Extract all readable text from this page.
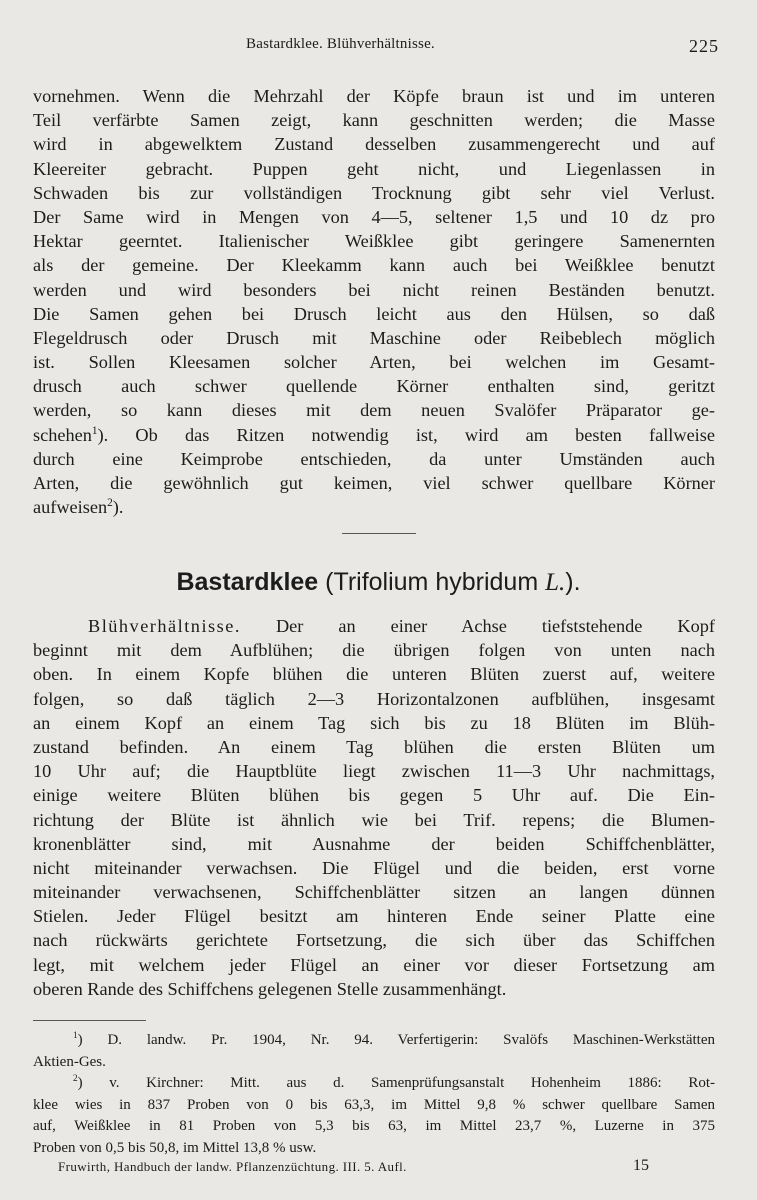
Bastardklee. Blühverhältnisse.	225
vornehmen. Wenn die Mehrzahl der Köpfe braun ist und im unteren
Teil verfärbte Samen zeigt, kann geschnitten werden; die Masse
wird in abgewelktem Zustand desselben zusammengerecht und auf
Kleereiter gebracht. Puppen geht nicht, und Liegenlassen in
Schwaden bis zur vollständigen Trocknung gibt sehr viel Verlust.
Der Same wird in Mengen von 4—5, seltener 1,5 und 10 dz pro
Hektar geerntet. Italienischer Weißklee gibt geringere Samenernten
als der gemeine. Der Kleekamm kann auch bei Weißklee benutzt
werden und wird besonders bei nicht reinen Beständen benutzt.
Die Samen gehen bei Drusch leicht aus den Hülsen, so daß
Flegeldrusch oder Drusch mit Maschine oder Reibeblech möglich
ist. Sollen Kleesamen solcher Arten, bei welchen im Gesamt-
drusch auch schwer quellende Körner enthalten sind, geritzt
werden, so kann dieses mit dem neuen Svalöfer Präparator ge-
schehen$^1$). Ob das Ritzen notwendig ist, wird am besten fallweise
durch eine Keimprobe entschieden, da unter Umständen auch
Arten, die gewöhnlich gut keimen, viel schwer quellbare Körner
aufweisen$^2$).
Bastardklee (Trifolium hybridum L.).
Blühverhältnisse. Der an einer Achse tiefststehende Kopf
beginnt mit dem Aufblühen; die übrigen folgen von unten nach
oben. In einem Kopfe blühen die unteren Blüten zuerst auf, weitere
folgen, so daß täglich 2—3 Horizontalzonen aufblühen, insgesamt
an einem Kopf an einem Tag sich bis zu 18 Blüten im Blüh-
zustand befinden. An einem Tag blühen die ersten Blüten um
10 Uhr auf; die Hauptblüte liegt zwischen 11—3 Uhr nachmittags,
einige weitere Blüten blühen bis gegen 5 Uhr auf. Die Ein-
richtung der Blüte ist ähnlich wie bei Trif. repens; die Blumen-
kronenblätter sind, mit Ausnahme der beiden Schiffchenblätter,
nicht miteinander verwachsen. Die Flügel und die beiden, erst vorne
miteinander verwachsenen, Schiffchenblätter sitzen an langen dünnen
Stielen. Jeder Flügel besitzt am hinteren Ende seiner Platte eine
nach rückwärts gerichtete Fortsetzung, die sich über das Schiffchen
legt, mit welchem jeder Flügel an einer vor dieser Fortsetzung am
oberen Rande des Schiffchens gelegenen Stelle zusammenhängt.
$^1$) D. landw. Pr. 1904, Nr. 94. Verfertigerin: Svalöfs Maschinen-Werkstätten
Aktien-Ges.
$^2$) v. Kirchner: Mitt. aus d. Samenprüfungsanstalt Hohenheim 1886: Rot-
klee wies in 837 Proben von 0 bis 63,3, im Mittel 9,8 % schwer quellbare Samen
auf, Weißklee in 81 Proben von 5,3 bis 63, im Mittel 23,7 %, Luzerne in 375
Proben von 0,5 bis 50,8, im Mittel 13,8 % usw.
Fruwirth, Handbuch der landw. Pflanzenzüchtung. III. 5. Aufl.	15
